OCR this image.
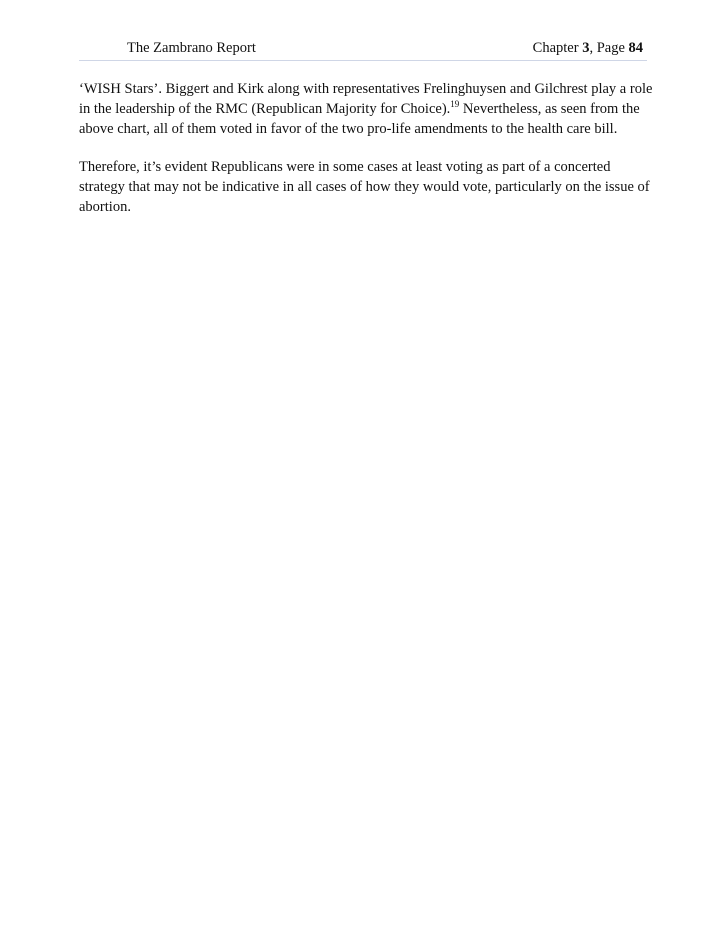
The Zambrano Report	Chapter 3, Page 84

‘WISH Stars’. Biggert and Kirk along with representatives Frelinghuysen and Gilchrest play a role in the leadership of the RMC (Republican Majority for Choice).$^{19}$ Nevertheless, as seen from the above chart, all of them voted in favor of the two pro-life amendments to the health care bill.

Therefore, it’s evident Republicans were in some cases at least voting as part of a concerted strategy that may not be indicative in all cases of how they would vote, particularly on the issue of abortion.
